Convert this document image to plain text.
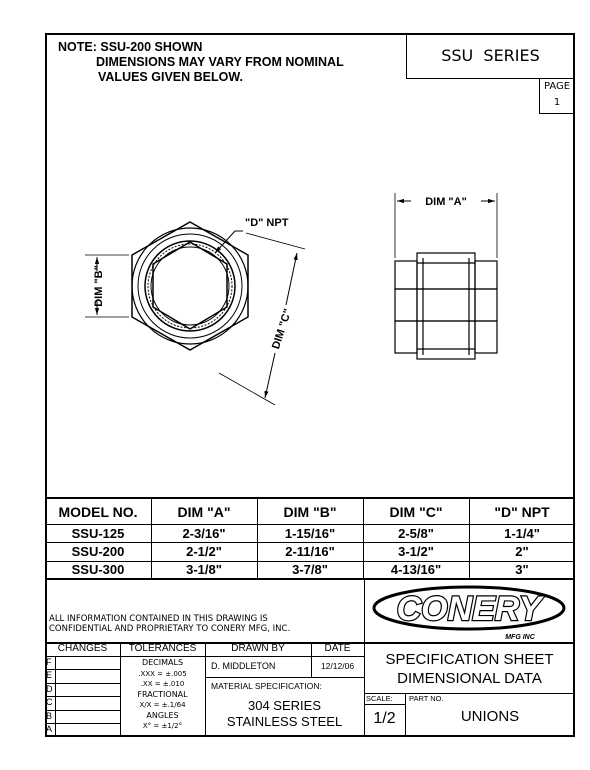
NOTE: SSU-200 SHOWN
DIMENSIONS MAY VARY FROM NOMINAL
VALUES GIVEN BELOW.
SSU  SERIES
PAGE
1
"D" NPT
DIM "B"
DIM "C"
DIM "A"
MODEL NO.	DIM "A"	DIM "B"	DIM "C"	"D" NPT
SSU-125	2-3/16"	1-15/16"	2-5/8"	1-1/4"
SSU-200	2-1/2"	2-11/16"	3-1/2"	2"
SSU-300	3-1/8"	3-7/8"	4-13/16"	3"
ALL INFORMATION CONTAINED IN THIS DRAWING IS
CONFIDENTIAL AND PROPRIETARY TO CONERY MFG, INC.
CONERY
MFG INC
CHANGES	TOLERANCES	DRAWN BY	DATE
F
E
D
C
B
A
DECIMALS
.XXX = ±.005
.XX = ±.010
FRACTIONAL
X/X = ±.1/64
ANGLES
X° = ±1/2°
D. MIDDLETON	12/12/06
MATERIAL SPECIFICATION:
304 SERIES
STAINLESS STEEL
SPECIFICATION SHEET
DIMENSIONAL DATA
SCALE:
1/2
PART NO.
UNIONS
